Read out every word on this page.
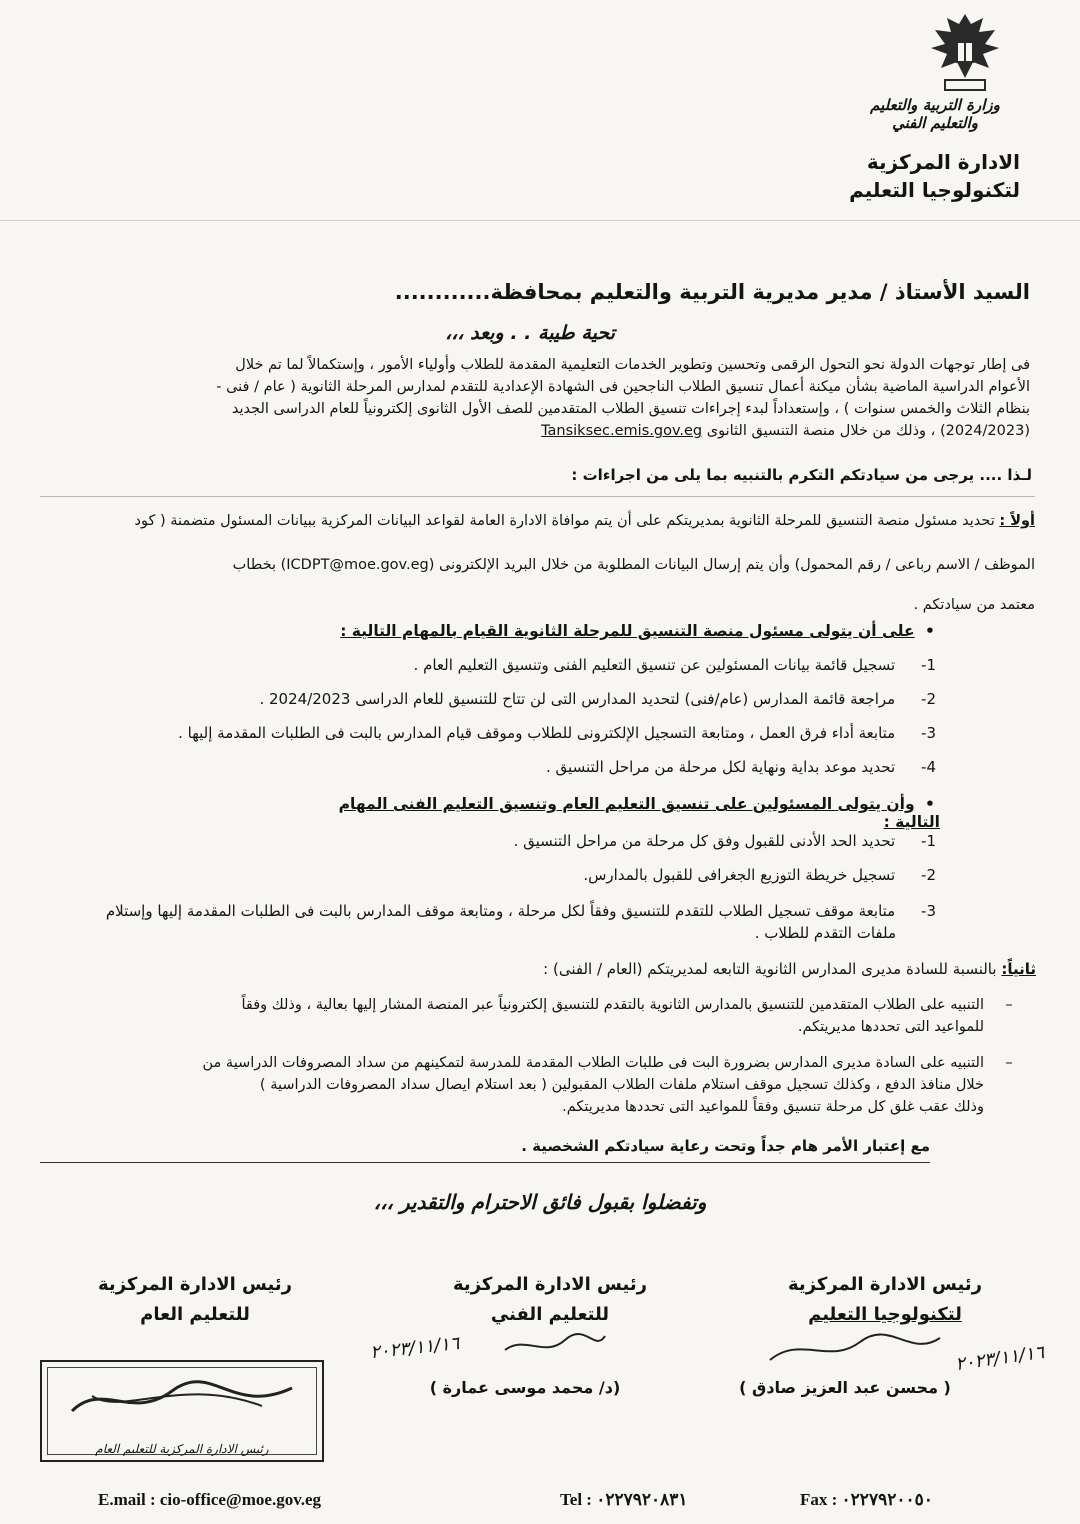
وزارة التربية والتعليم والتعليم الفني
الادارة المركزية
لتكنولوجيا التعليم
السيد الأستاذ / مدير مديرية التربية والتعليم بمحافظة............
تحية طيبة . . وبعد ،،،
فى إطار توجهات الدولة نحو التحول الرقمى وتحسين وتطوير الخدمات التعليمية المقدمة للطلاب وأولياء الأمور ، وإستكمالاً لما تم خلال
الأعوام الدراسية الماضية بشأن ميكنة أعمال تنسيق الطلاب الناجحين فى الشهادة الإعدادية للتقدم لمدارس المرحلة الثانوية ( عام / فنى -
بنظام الثلاث والخمس سنوات ) ، وإستعداداً لبدء إجراءات تنسيق الطلاب المتقدمين للصف الأول الثانوى إلكترونياً للعام الدراسى الجديد
(2024/2023) ، وذلك من خلال منصة التنسيق الثانوى Tansiksec.emis.gov.eg
لـذا .... يرجى من سيادتكم التكرم بالتنبيه بما يلى من اجراءات :
أولاً : تحديد مسئول منصة التنسيق للمرحلة الثانوية بمديريتكم على أن يتم موافاة الادارة العامة لقواعد البيانات المركزية ببيانات المسئول متضمنة ( كود
الموظف / الاسم رباعى / رقم المحمول) وأن يتم إرسال البيانات المطلوبة من خلال البريد الإلكترونى (ICDPT@moe.gov.eg) بخطاب
معتمد من سيادتكم .
• على أن يتولى مسئول منصة التنسيق للمرحلة الثانوية القيام بالمهام التالية :
-1 تسجيل قائمة بيانات المسئولين عن تنسيق التعليم الفنى وتنسيق التعليم العام .
-2 مراجعة قائمة المدارس (عام/فنى) لتحديد المدارس التى لن تتاح للتنسيق للعام الدراسى 2024/2023 .
-3 متابعة أداء فرق العمل ، ومتابعة التسجيل الإلكترونى للطلاب وموقف قيام المدارس بالبت فى الطلبات المقدمة إليها .
-4 تحديد موعد بداية ونهاية لكل مرحلة من مراحل التنسيق .
• وأن يتولى المسئولين على تنسيق التعليم العام وتنسيق التعليم الفنى المهام التالية :
-1 تحديد الحد الأدنى للقبول وفق كل مرحلة من مراحل التنسيق .
-2 تسجيل خريطة التوزيع الجغرافى للقبول بالمدارس.
-3 متابعة موقف تسجيل الطلاب للتقدم للتنسيق وفقاً لكل مرحلة ، ومتابعة موقف المدارس بالبت فى الطلبات المقدمة إليها وإستلام
ملفات التقدم للطلاب .
ثانياً: بالنسبة للسادة مديرى المدارس الثانوية التابعه لمديريتكم (العام / الفنى) :
–
التنبيه على الطلاب المتقدمين للتنسيق بالمدارس الثانوية بالتقدم للتنسيق إلكترونياً عبر المنصة المشار إليها بعالية ، وذلك وفقاً
للمواعيد التى تحددها مديريتكم.
–
التنبيه على السادة مديرى المدارس بضرورة البت فى طلبات الطلاب المقدمة للمدرسة لتمكينهم من سداد المصروفات الدراسية من
خلال منافذ الدفع ، وكذلك تسجيل موقف استلام ملفات الطلاب المقبولين ( بعد استلام ايصال سداد المصروفات الدراسية )
وذلك عقب غلق كل مرحلة تنسيق وفقاً للمواعيد التى تحددها مديريتكم.
مع إعتبار الأمر هام جداً وتحت رعاية سيادتكم الشخصية .
وتفضلوا بقبول فائق الاحترام والتقدير ،،،
رئيس الادارة المركزية
لتكنولوجيا التعليم
٢٠٢٣/١١/١٦
( محسن عبد العزيز صادق )
رئيس الادارة المركزية
للتعليم الفني
٢٠٢٣/١١/١٦
(د/ محمد موسى عمارة )
رئيس الادارة المركزية
للتعليم العام
رئيس الادارة المركزية للتعليم العام
E.mail : cio-office@moe.gov.eg	Tel : ٠٢٢٧٩٢٠٨٣١	Fax : ٠٢٢٧٩٢٠٠٥٠
